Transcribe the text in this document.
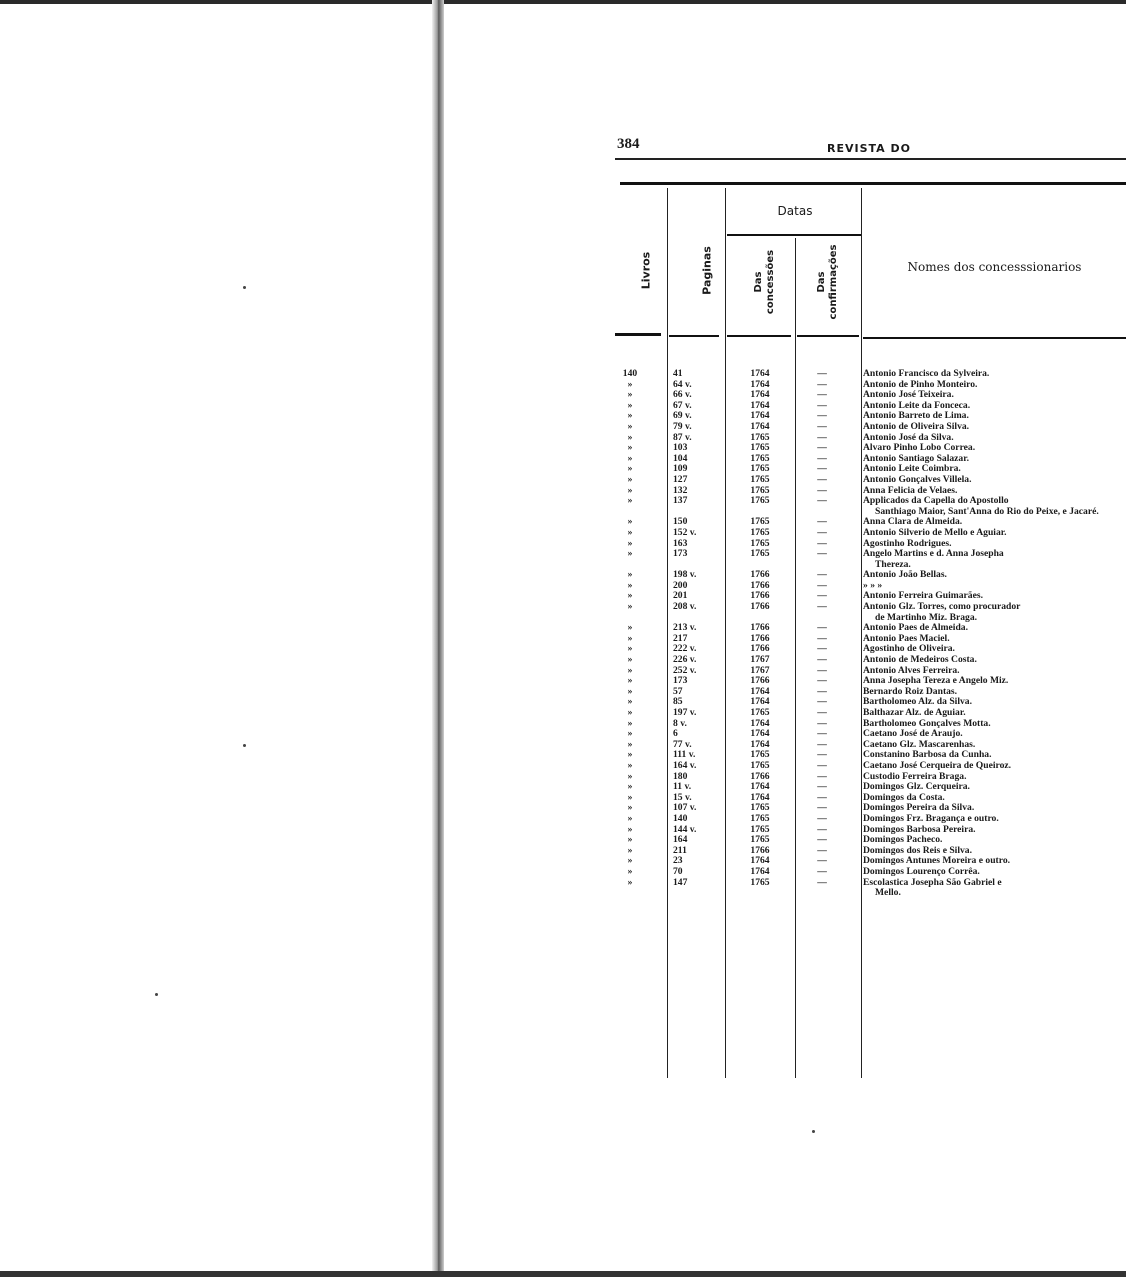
384	REVISTA DO
Livros	Paginas
Datas
Das concessões	Das confirmações	Nomes dos concesssionarios
140	41	1764	—	Antonio Francisco da Sylveira.
»	64 v.	1764	—	Antonio de Pinho Monteiro.
»	66 v.	1764	—	Antonio José Teixeira.
»	67 v.	1764	—	Antonio Leite da Fonceca.
»	69 v.	1764	—	Antonio Barreto de Lima.
»	79 v.	1764	—	Antonio de Oliveira Silva.
»	87 v.	1765	—	Antonio José da Silva.
»	103	1765	—	Alvaro Pinho Lobo Correa.
»	104	1765	—	Antonio Santiago Salazar.
»	109	1765	—	Antonio Leite Coimbra.
»	127	1765	—	Antonio Gonçalves Villela.
»	132	1765	—	Anna Felicia de Velaes.
»	137	1765	—	Applicados da Capella do Apostollo
Santhiago Maior, Sant'Anna do Rio do Peixe, e Jacaré.
»	150	1765	—	Anna Clara de Almeida.
»	152 v.	1765	—	Antonio Silverio de Mello e Aguiar.
»	163	1765	—	Agostinho Rodrigues.
»	173	1765	—	Angelo Martins e d. Anna Josepha
Thereza.
»	198 v.	1766	—	Antonio João Bellas.
»	200	1766	—	» » »
»	201	1766	—	Antonio Ferreira Guimarães.
»	208 v.	1766	—	Antonio Glz. Torres, como procurador
de Martinho Miz. Braga.
»	213 v.	1766	—	Antonio Paes de Almeida.
»	217	1766	—	Antonio Paes Maciel.
»	222 v.	1766	—	Agostinho de Oliveira.
»	226 v.	1767	—	Antonio de Medeiros Costa.
»	252 v.	1767	—	Antonio Alves Ferreira.
»	173	1766	—	Anna Josepha Tereza e Angelo Miz.
»	57	1764	—	Bernardo Roiz Dantas.
»	85	1764	—	Bartholomeo Alz. da Silva.
»	197 v.	1765	—	Balthazar Alz. de Aguiar.
»	8 v.	1764	—	Bartholomeo Gonçalves Motta.
»	6	1764	—	Caetano José de Araujo.
»	77 v.	1764	—	Caetano Glz. Mascarenhas.
»	111 v.	1765	—	Constanino Barbosa da Cunha.
»	164 v.	1765	—	Caetano José Cerqueira de Queiroz.
»	180	1766	—	Custodio Ferreira Braga.
»	11 v.	1764	—	Domingos Glz. Cerqueira.
»	15 v.	1764	—	Domingos da Costa.
»	107 v.	1765	—	Domingos Pereira da Silva.
»	140	1765	—	Domingos Frz. Bragança e outro.
»	144 v.	1765	—	Domingos Barbosa Pereira.
»	164	1765	—	Domingos Pacheco.
»	211	1766	—	Domingos dos Reis e Silva.
»	23	1764	—	Domingos Antunes Moreira e outro.
»	70	1764	—	Domingos Lourenço Corrêa.
»	147	1765	—	Escolastica Josepha São Gabriel e
Mello.
